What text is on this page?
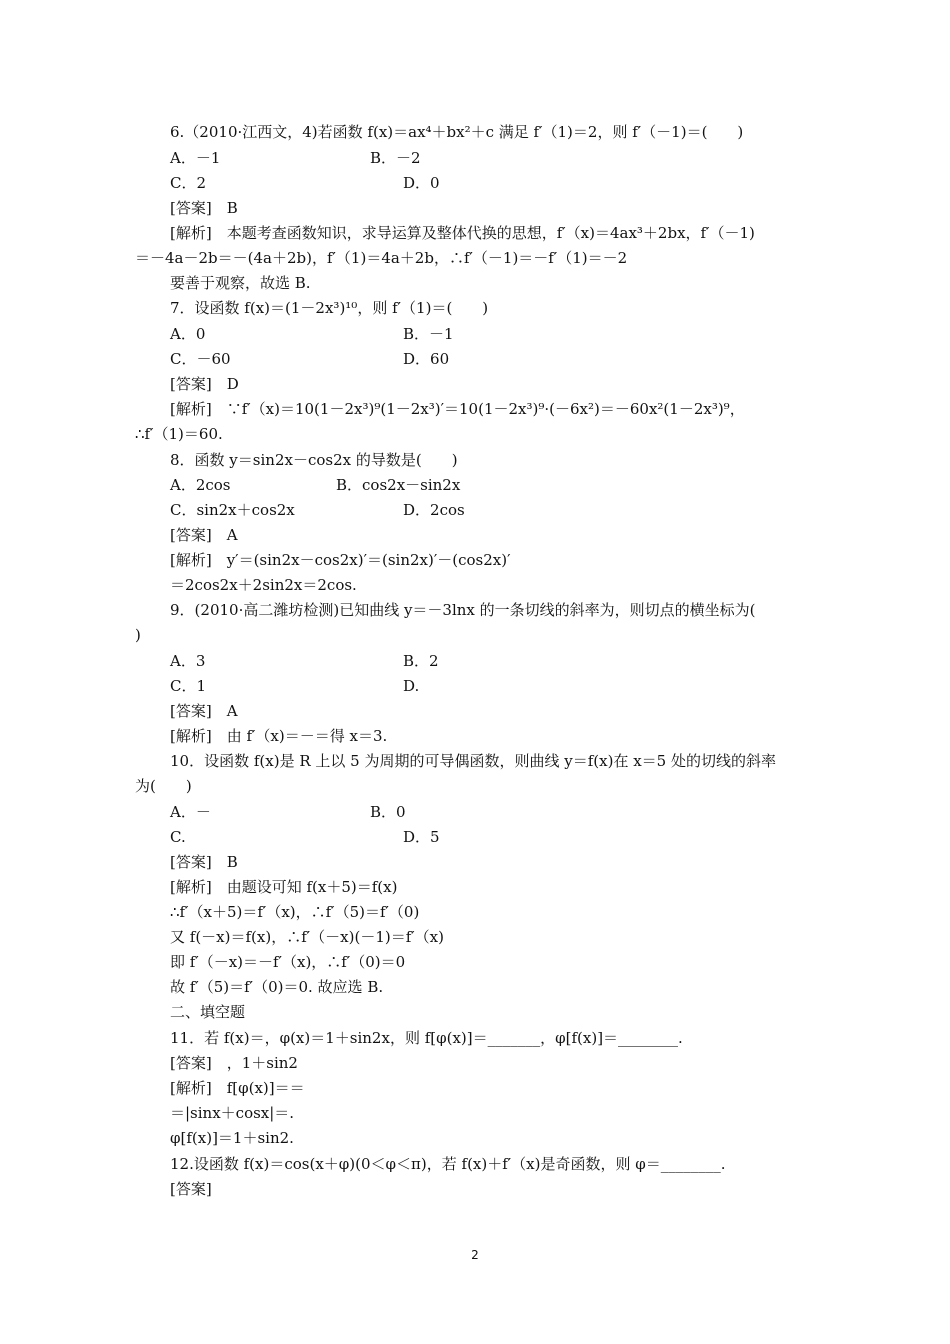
6.（2010·江西文，4)若函数 f(x)＝ax⁴＋bx²＋c 满足 f′（1)＝2，则 f′（－1)＝(　　)
A．－1	B．－2
C．2	D．0
[答案]　B
[解析]　本题考查函数知识，求导运算及整体代换的思想，f′（x)＝4ax³＋2bx，f′（－1)
＝－4a－2b＝－(4a＋2b)，f′（1)＝4a＋2b，∴f′（－1)＝－f′（1)＝－2
要善于观察，故选 B.
7．设函数 f(x)＝(1－2x³)¹⁰，则 f′（1)＝(　　)
A．0	B．－1
C．－60	D．60
[答案]　D
[解析]　∵f′（x)＝10(1－2x³)⁹(1－2x³)′＝10(1－2x³)⁹·(－6x²)＝－60x²(1－2x³)⁹，
∴f′（1)＝60.
8．函数 y＝sin2x－cos2x 的导数是(　　)
A．2cos	B．cos2x－sin2x
C．sin2x＋cos2x	D．2cos
[答案]　A
[解析]　y′＝(sin2x－cos2x)′＝(sin2x)′－(cos2x)′
＝2cos2x＋2sin2x＝2cos.
9．(2010·高二潍坊检测)已知曲线 y＝－3lnx 的一条切线的斜率为，则切点的横坐标为(
)
A．3	B．2
C．1	D.
[答案]　A
[解析]　由 f′（x)＝－＝得 x＝3.
10．设函数 f(x)是 R 上以 5 为周期的可导偶函数，则曲线 y＝f(x)在 x＝5 处的切线的斜率
为(　　)
A．－	B．0
C.	D．5
[答案]　B
[解析]　由题设可知 f(x＋5)＝f(x)
∴f′（x＋5)＝f′（x)，∴f′（5)＝f′（0)
又 f(－x)＝f(x)，∴f′（－x)(－1)＝f′（x)
即 f′（－x)＝－f′（x)，∴f′（0)＝0
故 f′（5)＝f′（0)＝0. 故应选 B.
二、填空题
11．若 f(x)＝，φ(x)＝1＋sin2x，则 f[φ(x)]＝_______，φ[f(x)]＝________.
[答案]　，1＋sin2
[解析]　f[φ(x)]＝＝
＝|sinx＋cosx|＝.
φ[f(x)]＝1＋sin2.
12.设函数 f(x)＝cos(x＋φ)(0＜φ＜π)，若 f(x)＋f′（x)是奇函数，则 φ＝________.
[答案]
2
